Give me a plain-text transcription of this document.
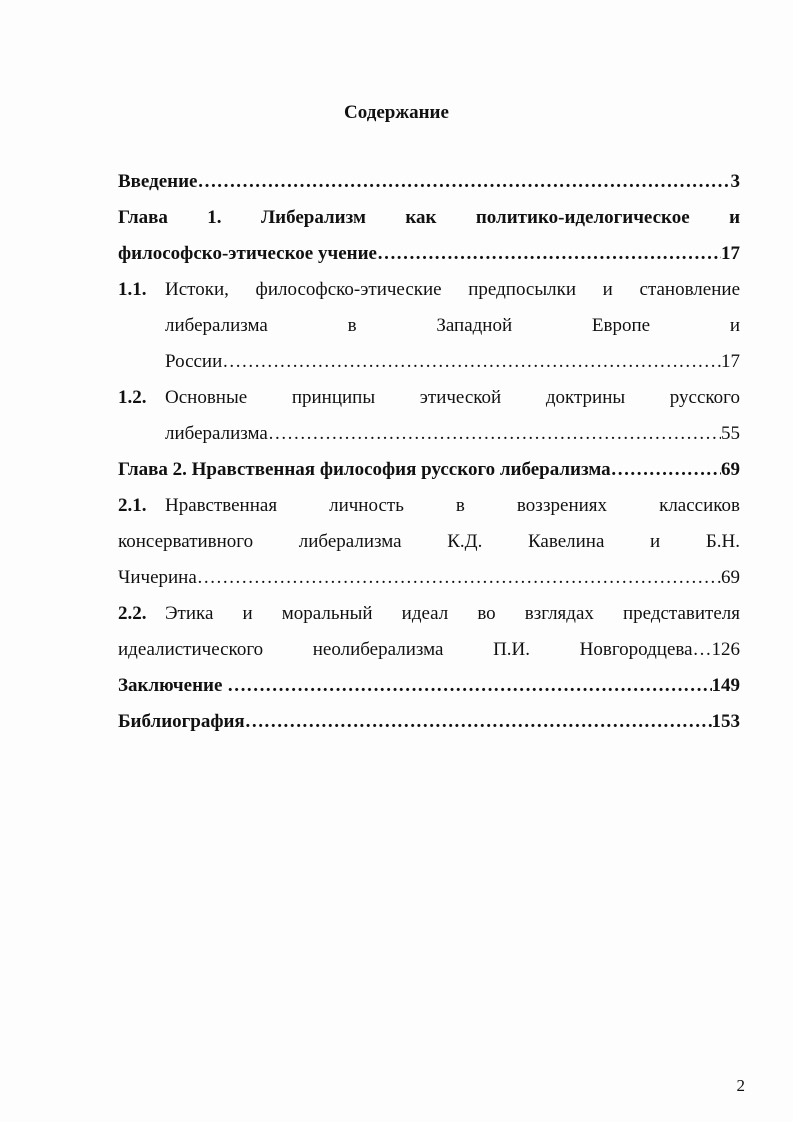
Содержание
Введение …………………………………………………………………………………………………………………………………………	3
Глава 1. Либерализм как политико-иделогическое и
философско-этическое учение …………………………………………………………………………………………………………………………………………	17
1.1. Истоки, философско-этические предпосылки и становление
либерализма	в	Западной	Европе	и
России …………………………………………………………………………………………………………………………………………	17
1.2. Основные принципы этической доктрины русского
либерализма …………………………………………………………………………………………………………………………………………	55
Глава 2. Нравственная философия русского либерализма …………………………………………………………………………………………………………………………………………	69
2.1. Нравственная личность в воззрениях классиков
консервативного либерализма К.Д. Кавелина и Б.Н.
Чичерина …………………………………………………………………………………………………………………………………………	69
2.2. Этика и моральный идеал во взглядах представителя
идеалистического	неолиберализма	П.И.	Новгородцева…126
Заключение …………………………………………………………………………………………………………………………………………	149
Библиография …………………………………………………………………………………………………………………………………………	153
2
